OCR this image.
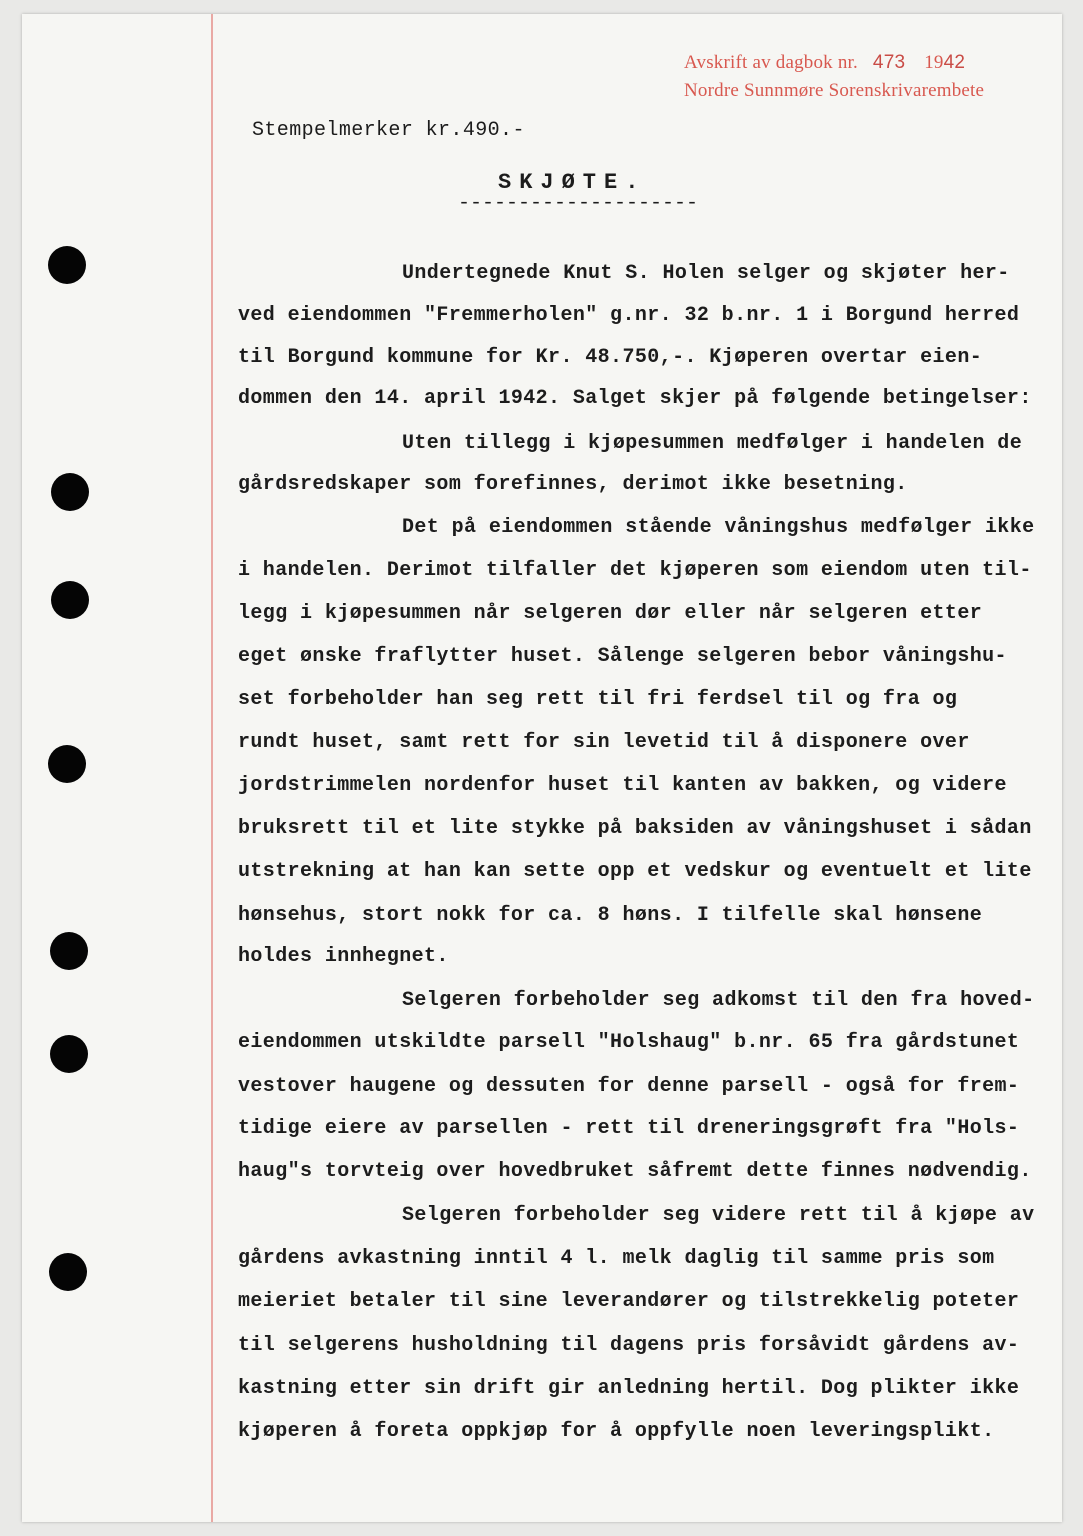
Avskrift av dagbok nr. 473 1942
Nordre Sunnmøre Sorenskrivarembete
Stempelmerker kr.490.-
SKJØTE.
--------------------
Undertegnede Knut S. Holen selger og skjøter her-
ved eiendommen "Fremmerholen" g.nr. 32 b.nr. 1 i Borgund herred
til Borgund kommune for Kr. 48.750,-. Kjøperen overtar eien-
dommen den 14. april 1942. Salget skjer på følgende betingelser:
Uten tillegg i kjøpesummen medfølger i handelen de
gårdsredskaper som forefinnes, derimot ikke besetning.
Det på eiendommen stående våningshus medfølger ikke
i handelen. Derimot tilfaller det kjøperen som eiendom uten til-
legg i kjøpesummen når selgeren dør eller når selgeren etter
eget ønske fraflytter huset. Sålenge selgeren bebor våningshu-
set forbeholder han seg rett til fri ferdsel til og fra og
rundt huset, samt rett for sin levetid til å disponere over
jordstrimmelen nordenfor huset til kanten av bakken, og videre
bruksrett til et lite stykke på baksiden av våningshuset i sådan
utstrekning at han kan sette opp et vedskur og eventuelt et lite
hønsehus, stort nokk for ca. 8 høns. I tilfelle skal hønsene
holdes innhegnet.
Selgeren forbeholder seg adkomst til den fra hoved-
eiendommen utskildte parsell "Holshaug" b.nr. 65 fra gårdstunet
vestover haugene og dessuten for denne parsell - også for frem-
tidige eiere av parsellen - rett til dreneringsgrøft fra "Hols-
haug"s torvteig over hovedbruket såfremt dette finnes nødvendig.
Selgeren forbeholder seg videre rett til å kjøpe av
gårdens avkastning inntil 4 l. melk daglig til samme pris som
meieriet betaler til sine leverandører og tilstrekkelig poteter
til selgerens husholdning til dagens pris forsåvidt gårdens av-
kastning etter sin drift gir anledning hertil. Dog plikter ikke
kjøperen å foreta oppkjøp for å oppfylle noen leveringsplikt.
